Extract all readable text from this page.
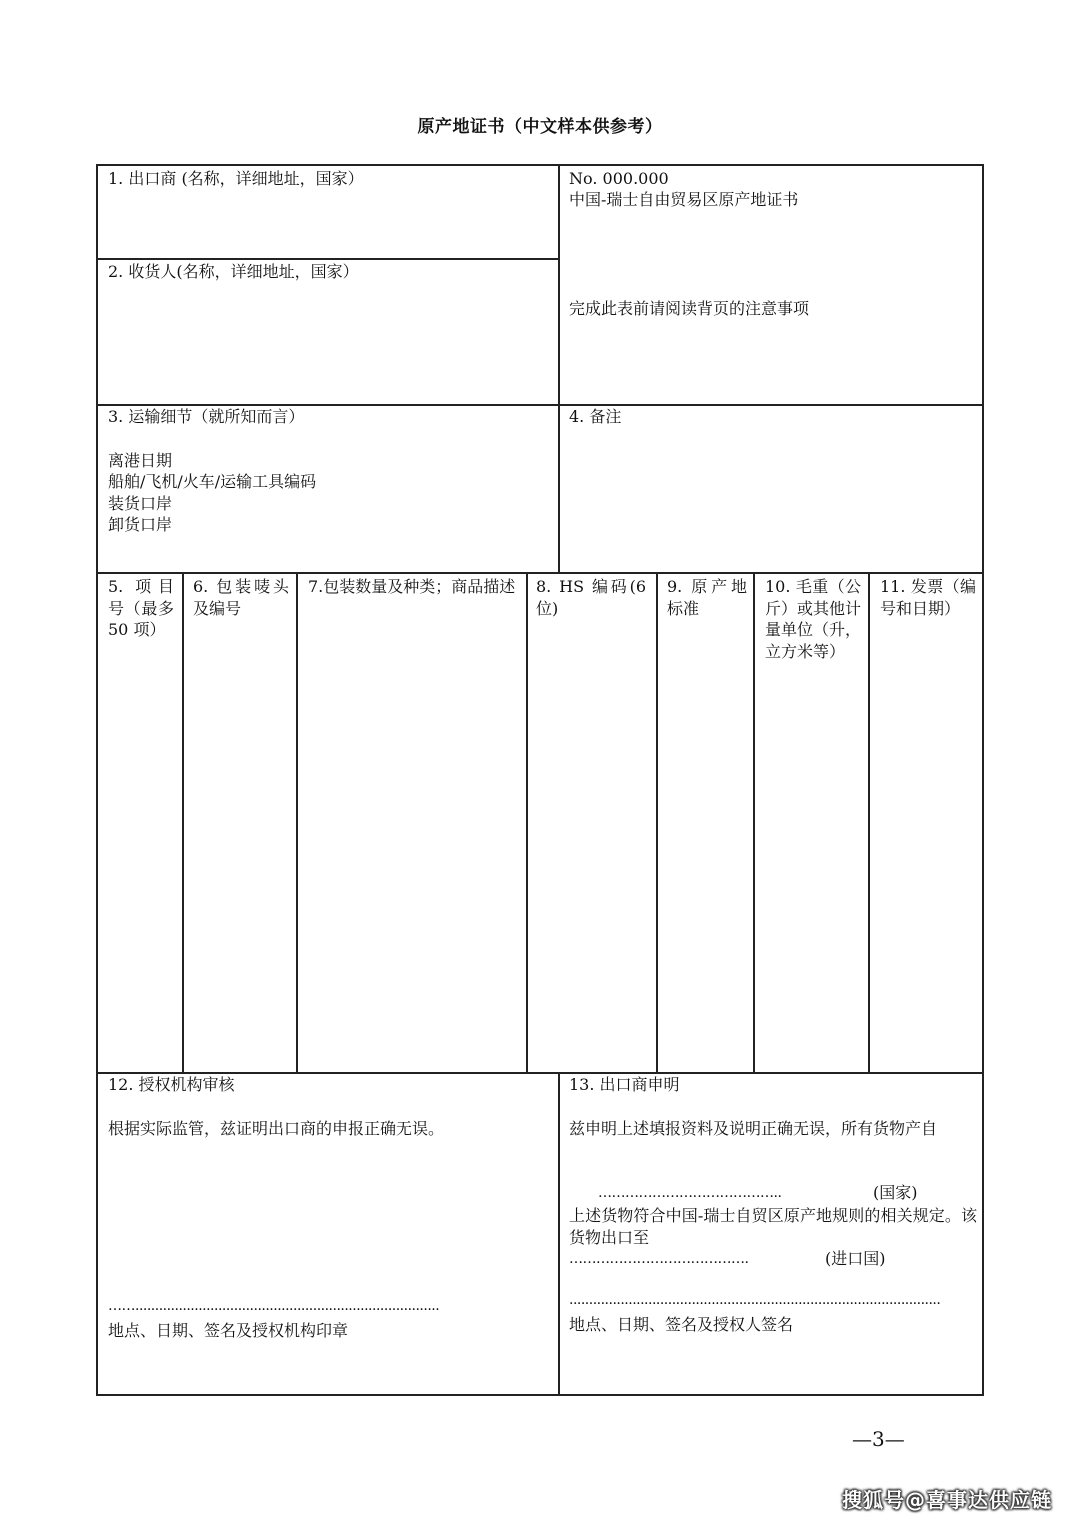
原产地证书（中文样本供参考）
1. 出口商 (名称，详细地址，国家）
2. 收货人(名称，详细地址，国家）
No. 000.000
中国-瑞士自由贸易区原产地证书
完成此表前请阅读背页的注意事项
3. 运输细节（就所知而言）
离港日期
船舶/飞机/火车/运输工具编码
装货口岸
卸货口岸
4. 备注
5. 项目号（最多 50 项）
6. 包装唛头及编号
7.包装数量及种类；商品描述 8. HS 编码(6 位)
9. 原产地标准
10. 毛重（公斤）或其他计量单位（升，立方米等）
11. 发票（编号和日期）
12. 授权机构审核
根据实际监管，兹证明出口商的申报正确无误。
…….............................................................................
地点、日期、签名及授权机构印章
13. 出口商申明
兹申明上述填报资料及说明正确无误，所有货物产自
…………………………………..	(国家)
上述货物符合中国-瑞士自贸区原产地规则的相关规定。该货物出口至
………………………………….	(进口国)
..............................................................................................
地点、日期、签名及授权人签名
—3—
搜狐号@喜事达供应链
